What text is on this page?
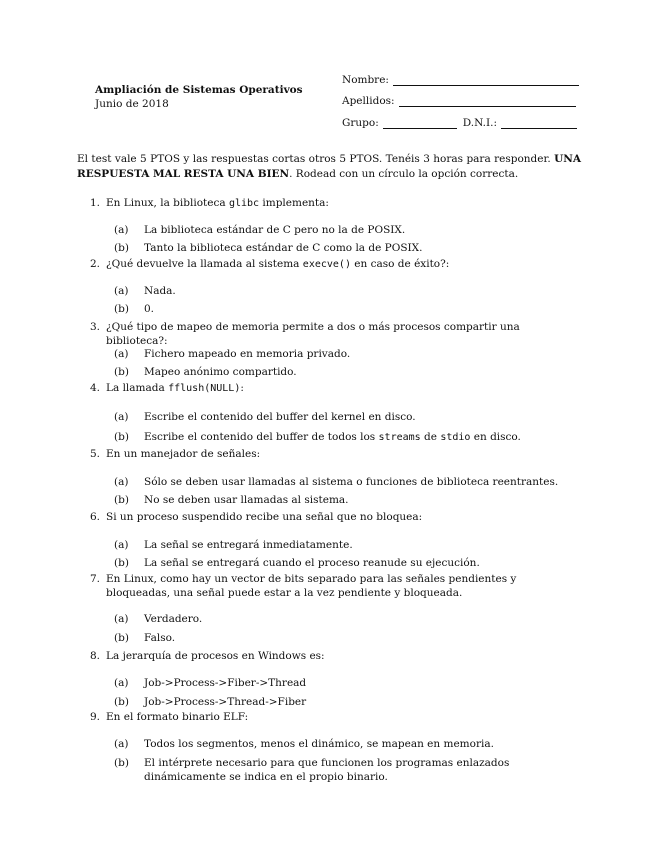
Ampliación de Sistemas Operativos
Junio de 2018
Nombre:
Apellidos:
Grupo:	D.N.I.:
El test vale 5 PTOS y las respuestas cortas otros 5 PTOS. Tenéis 3 horas para responder. UNA RESPUESTA MAL RESTA UNA BIEN. Rodead con un círculo la opción correcta.
1. En Linux, la biblioteca glibc implementa:
(a) La biblioteca estándar de C pero no la de POSIX.
(b) Tanto la biblioteca estándar de C como la de POSIX.
2. ¿Qué devuelve la llamada al sistema execve() en caso de éxito?:
(a) Nada.
(b) 0.
3. ¿Qué tipo de mapeo de memoria permite a dos o más procesos compartir una biblioteca?:
(a) Fichero mapeado en memoria privado.
(b) Mapeo anónimo compartido.
4. La llamada fflush(NULL):
(a) Escribe el contenido del buffer del kernel en disco.
(b) Escribe el contenido del buffer de todos los streams de stdio en disco.
5. En un manejador de señales:
(a) Sólo se deben usar llamadas al sistema o funciones de biblioteca reentrantes.
(b) No se deben usar llamadas al sistema.
6. Si un proceso suspendido recibe una señal que no bloquea:
(a) La señal se entregará inmediatamente.
(b) La señal se entregará cuando el proceso reanude su ejecución.
7. En Linux, como hay un vector de bits separado para las señales pendientes y bloqueadas, una señal puede estar a la vez pendiente y bloqueada.
(a) Verdadero.
(b) Falso.
8. La jerarquía de procesos en Windows es:
(a) Job->Process->Fiber->Thread
(b) Job->Process->Thread->Fiber
9. En el formato binario ELF:
(a) Todos los segmentos, menos el dinámico, se mapean en memoria.
(b) El intérprete necesario para que funcionen los programas enlazados dinámicamente se indica en el propio binario.
